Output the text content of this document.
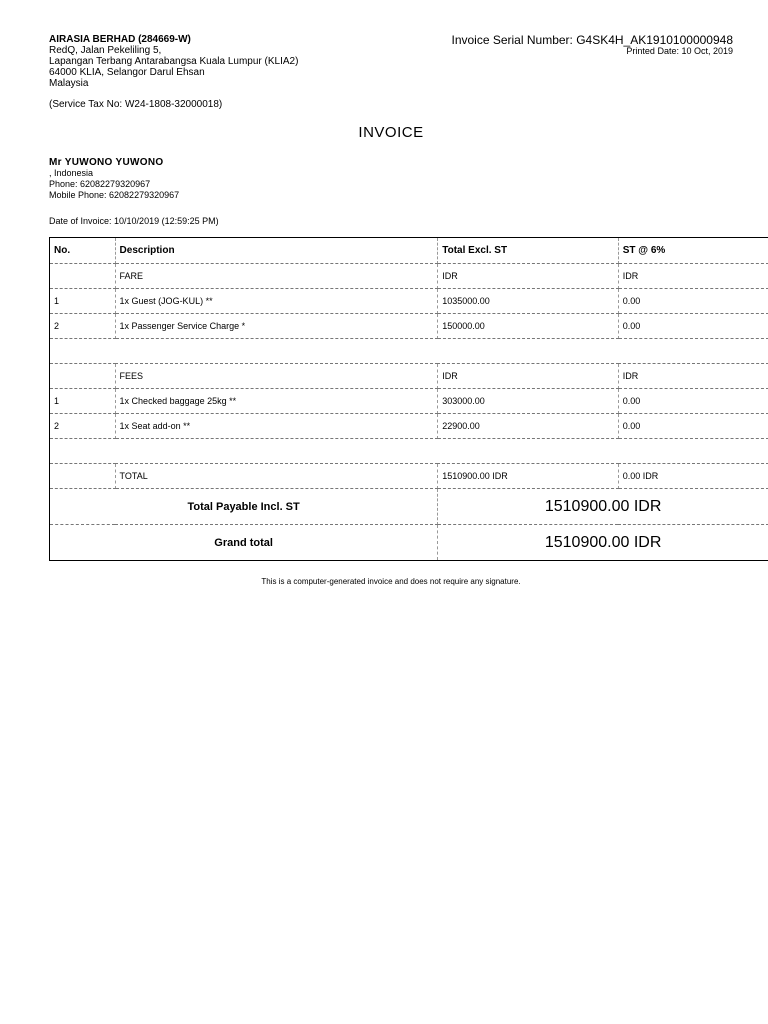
AIRASIA BERHAD (284669-W)
RedQ, Jalan Pekeliling 5,
Lapangan Terbang Antarabangsa Kuala Lumpur (KLIA2)
64000 KLIA, Selangor Darul Ehsan
Malaysia
(Service Tax No: W24-1808-32000018)
Invoice Serial Number: G4SK4H_AK1910100000948
Printed Date: 10 Oct, 2019
INVOICE
Mr YUWONO YUWONO
, Indonesia
Phone: 62082279320967
Mobile Phone: 62082279320967
Date of Invoice: 10/10/2019 (12:59:25 PM)
No.	Description	Total Excl. ST	ST @ 6%
	FARE	IDR	IDR
1	1x Guest (JOG-KUL) **	1035000.00	0.00
2	1x Passenger Service Charge *	150000.00	0.00

	FEES	IDR	IDR
1	1x Checked baggage 25kg **	303000.00	0.00
2	1x Seat add-on **	22900.00	0.00

	TOTAL	1510900.00 IDR	0.00 IDR
Total Payable Incl. ST		1510900.00 IDR	
Grand total		1510900.00 IDR	
This is a computer-generated invoice and does not require any signature.
